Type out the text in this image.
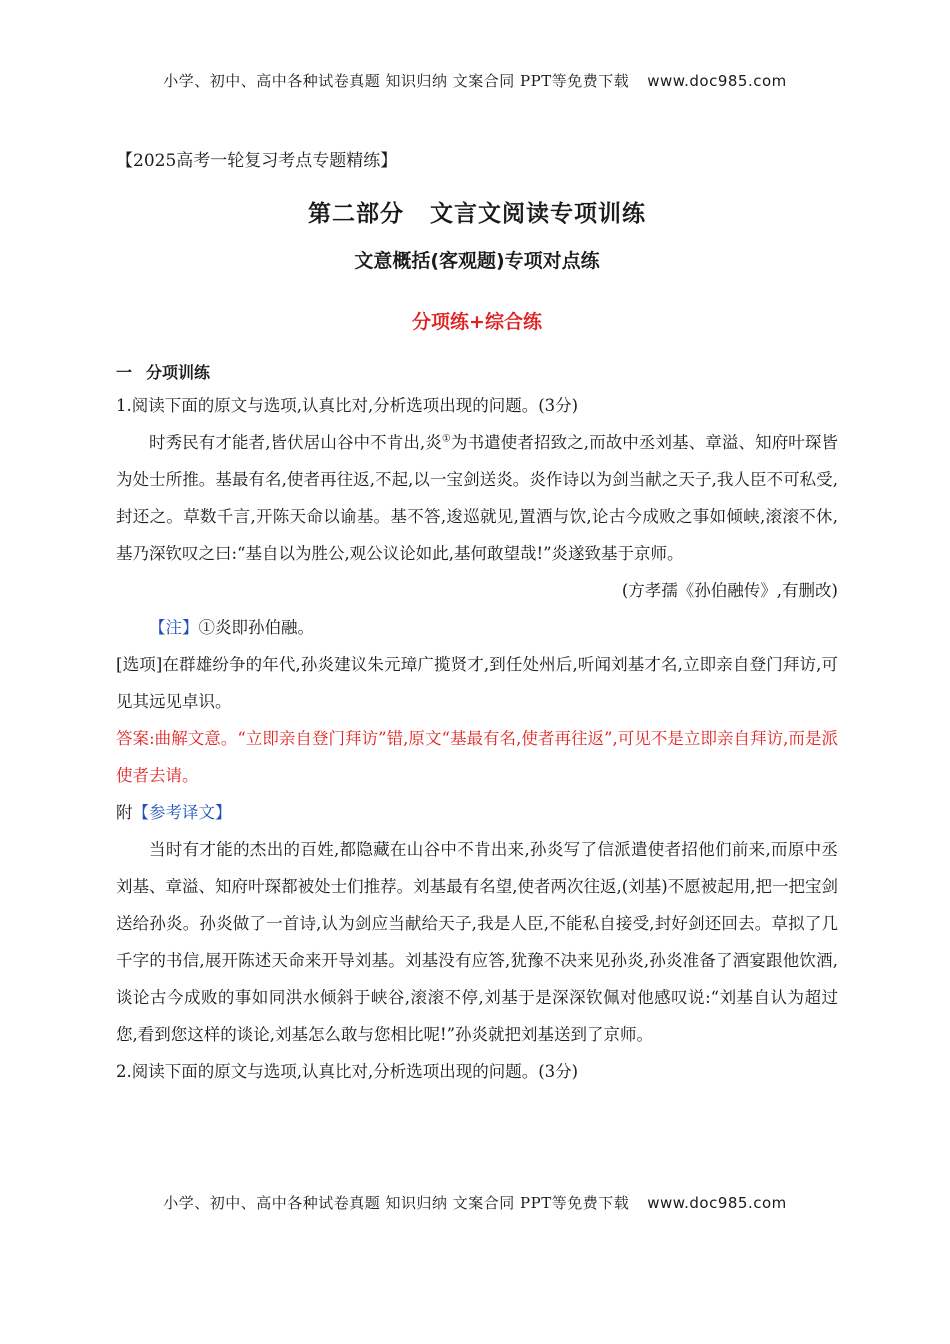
小学、初中、高中各种试卷真题 知识归纳 文案合同 PPT等免费下载 www.doc985.com
【2025高考一轮复习考点专题精练】
第二部分 文言文阅读专项训练
文意概括(客观题)专项对点练
分项练+综合练
一 分项训练

1.阅读下面的原文与选项,认真比对,分析选项出现的问题。(3分)

时秀民有才能者,皆伏居山谷中不肯出,炎①为书遣使者招致之,而故中丞刘基、章溢、知府叶琛皆为处士所推。基最有名,使者再往返,不起,以一宝剑送炎。炎作诗以为剑当献之天子,我人臣不可私受,封还之。草数千言,开陈天命以谕基。基不答,逡巡就见,置酒与饮,论古今成败之事如倾峡,滚滚不休,基乃深钦叹之曰:“基自以为胜公,观公议论如此,基何敢望哉!”炎遂致基于京师。

(方孝孺《孙伯融传》,有删改)

【注】①炎即孙伯融。

[选项]在群雄纷争的年代,孙炎建议朱元璋广揽贤才,到任处州后,听闻刘基才名,立即亲自登门拜访,可见其远见卓识。

答案:曲解文意。“立即亲自登门拜访”错,原文“基最有名,使者再往返”,可见不是立即亲自拜访,而是派使者去请。

附【参考译文】

当时有才能的杰出的百姓,都隐藏在山谷中不肯出来,孙炎写了信派遣使者招他们前来,而原中丞刘基、章溢、知府叶琛都被处士们推荐。刘基最有名望,使者两次往返,(刘基)不愿被起用,把一把宝剑送给孙炎。孙炎做了一首诗,认为剑应当献给天子,我是人臣,不能私自接受,封好剑还回去。草拟了几千字的书信,展开陈述天命来开导刘基。刘基没有应答,犹豫不决来见孙炎,孙炎准备了酒宴跟他饮酒,谈论古今成败的事如同洪水倾斜于峡谷,滚滚不停,刘基于是深深钦佩对他感叹说:“刘基自认为超过您,看到您这样的谈论,刘基怎么敢与您相比呢!”孙炎就把刘基送到了京师。

2.阅读下面的原文与选项,认真比对,分析选项出现的问题。(3分)

小学、初中、高中各种试卷真题 知识归纳 文案合同 PPT等免费下载 www.doc985.com
